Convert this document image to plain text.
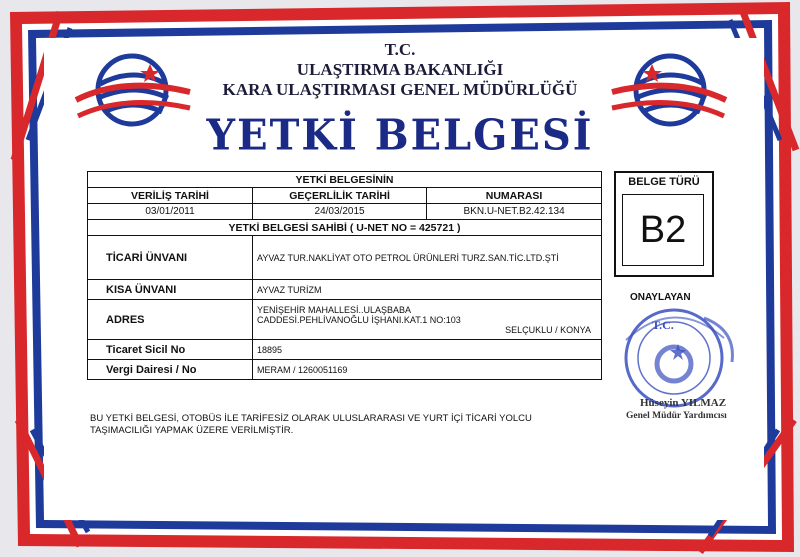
T.C.
ULAŞTIRMA BAKANLIĞI
KARA ULAŞTIRMASI GENEL MÜDÜRLÜĞÜ
YETKİ BELGESİ
YETKİ BELGESİNİN		
VERİLİŞ TARİHİ	GEÇERLİLİK TARİHİ	NUMARASI
03/01/2011	24/03/2015	BKN.U-NET.B2.42.134
YETKİ BELGESİ SAHİBİ ( U-NET NO = 425721 )		
TİCARİ ÜNVANI	AYVAZ TUR.NAKLİYAT OTO PETROL ÜRÜNLERİ TURZ.SAN.TİC.LTD.ŞTİ	
KISA ÜNVANI	AYVAZ TURİZM	
ADRES	YENİŞEHİR MAHALLESİ..ULAŞBABA
CADDESİ.PEHLİVANOĞLU İŞHANI.KAT.1 NO:103
SELÇUKLU / KONYA	

Ticaret Sicil No	18895	
Vergi Dairesi / No	MERAM / 1260051169	
BELGE TÜRÜ
B2
ONAYLAYAN
T.C.
Hüseyin YILMAZ
Genel Müdür Yardımcısı
BU YETKİ BELGESİ, OTOBÜS İLE TARİFESİZ OLARAK ULUSLARARASI VE YURT İÇİ TİCARİ YOLCU
TAŞIMACILIĞI YAPMAK ÜZERE VERİLMİŞTİR.
